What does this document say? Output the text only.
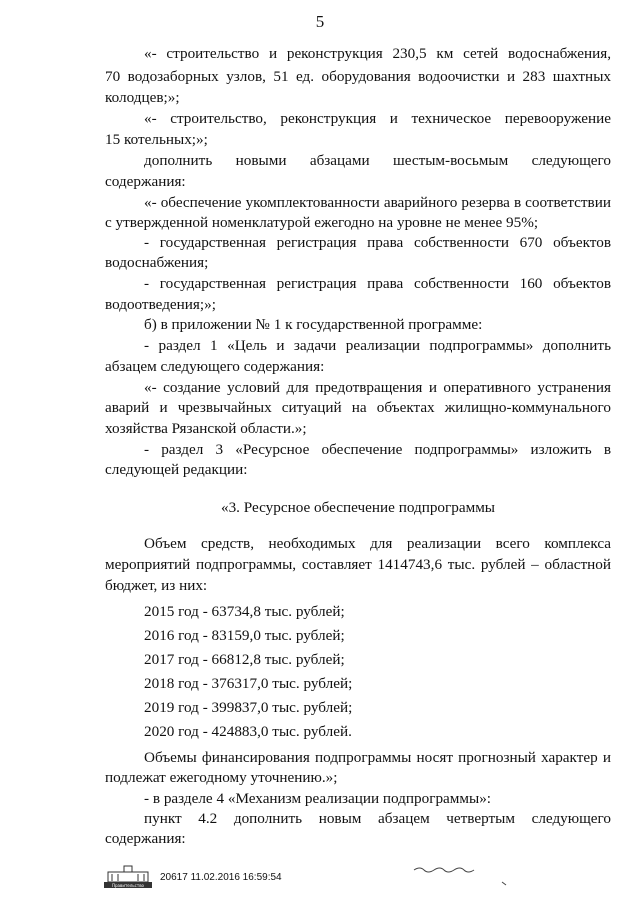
5
«- строительство и реконструкция 230,5 км сетей водоснабжения,
70 водозаборных узлов, 51 ед. оборудования водоочистки и 283 шахтных
колодцев;»;
«- строительство, реконструкция и техническое перевооружение
15 котельных;»;
дополнить новыми абзацами шестым-восьмым следующего
содержания:
«- обеспечение укомплектованности аварийного резерва в соответствии
с утвержденной номенклатурой ежегодно на уровне не менее 95%;
- государственная регистрация права собственности 670 объектов
водоснабжения;
- государственная регистрация права собственности 160 объектов
водоотведения;»;
б) в приложении № 1 к государственной программе:
- раздел 1 «Цель и задачи реализации подпрограммы» дополнить
абзацем следующего содержания:
«- создание условий для предотвращения и оперативного устранения
аварий и чрезвычайных ситуаций на объектах жилищно-коммунального
хозяйства Рязанской области.»;
- раздел 3 «Ресурсное обеспечение подпрограммы» изложить в
следующей редакции:
«3. Ресурсное обеспечение подпрограммы
Объем средств, необходимых для реализации всего комплекса
мероприятий подпрограммы, составляет 1414743,6 тыс. рублей – областной
бюджет, из них:
2015 год - 63734,8 тыс. рублей;
2016 год - 83159,0 тыс. рублей;
2017 год - 66812,8 тыс. рублей;
2018 год - 376317,0 тыс. рублей;
2019 год - 399837,0 тыс. рублей;
2020 год - 424883,0 тыс. рублей.
Объемы финансирования подпрограммы носят прогнозный характер и
подлежат ежегодному уточнению.»;
- в разделе 4 «Механизм реализации подпрограммы»:
пункт 4.2 дополнить новым абзацем четвертым следующего
содержания:
Правительство
20617 11.02.2016 16:59:54
